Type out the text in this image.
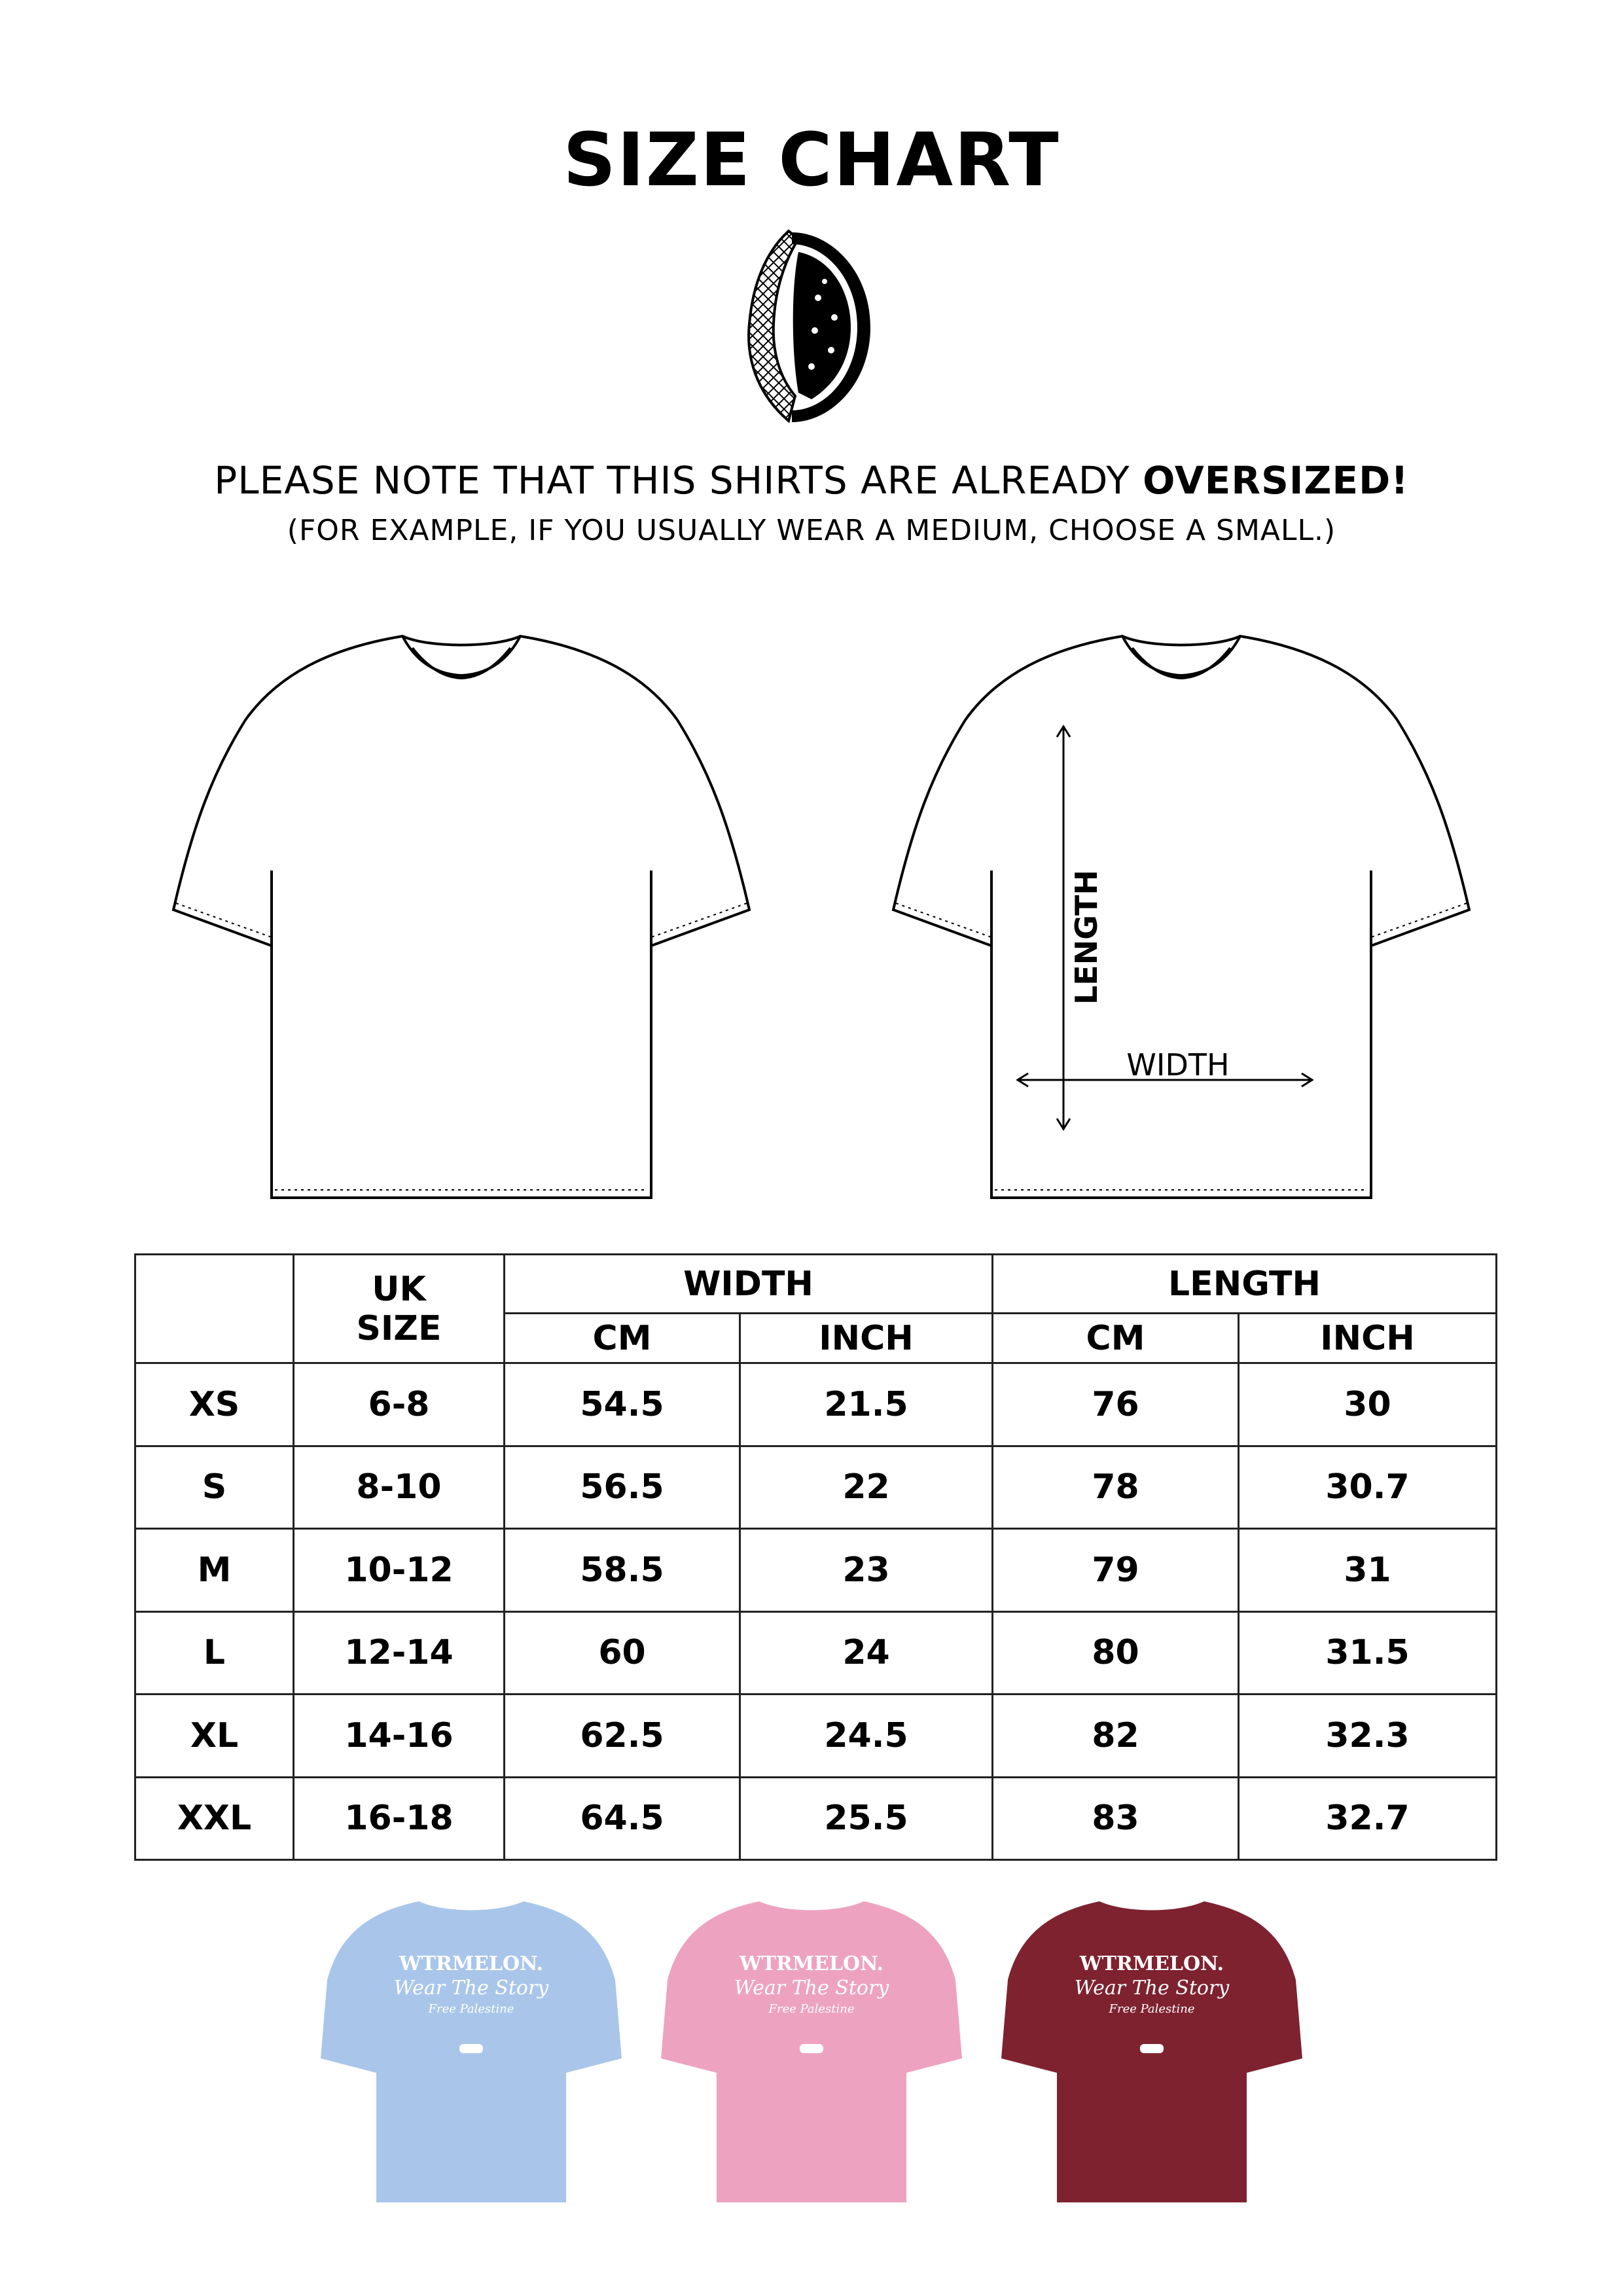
SIZE CHART
PLEASE NOTE THAT THIS SHIRTS ARE ALREADY OVERSIZED!
(FOR EXAMPLE, IF YOU USUALLY WEAR A MEDIUM, CHOOSE A SMALL.)
LENGTH
WIDTH
	UK
SIZE	WIDTH		LENGTH	
		CM	INCH	CM	INCH
XS	6-8	54.5	21.5	76	30
S	8-10	56.5	22	78	30.7
M	10-12	58.5	23	79	31
L	12-14	60	24	80	31.5
XL	14-16	62.5	24.5	82	32.3
XXL	16-18	64.5	25.5	83	32.7
WTRMELON.
Wear The Story
Free Palestine
WTRMELON.
Wear The Story
Free Palestine
WTRMELON.
Wear The Story
Free Palestine
